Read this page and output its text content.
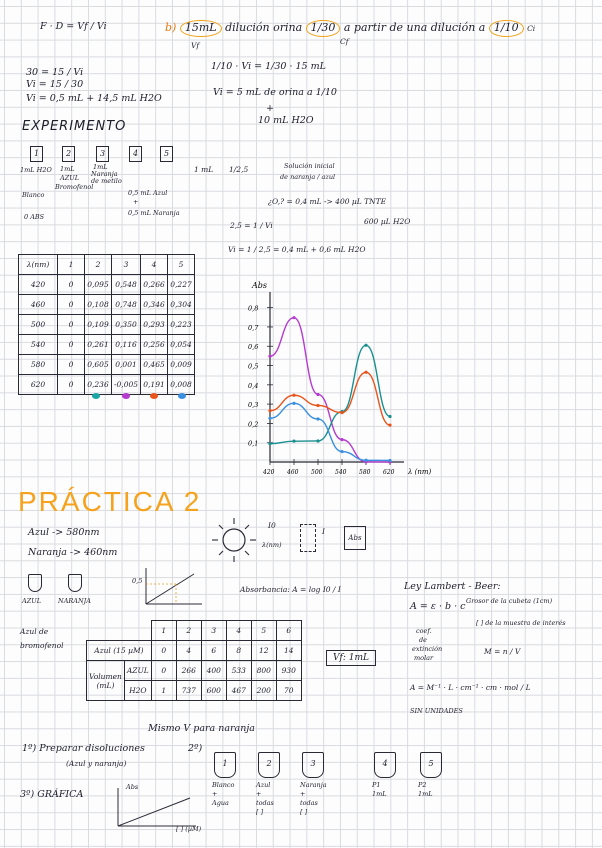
F · D = Vf / Vi
30 = 15 / Vi
Vi = 15 / 30
Vi = 0,5 mL + 14,5 mL H2O
b) 15mL dilución orina 1/30 a partir de una dilución a 1/10 Ci
Vf	Cf
1/10 · Vi = 1/30 · 15 mL
Vi = 5 mL de orina a 1/10
+
10 mL H2O
EXPERIMENTO
1	2	3	4	5
1mL H2O
Blanco
0 ABS
1mL
AZUL
Bromofenol
1mL
Naranja
de metilo
0,5 mL Azul
+
0,5 mL Naranja
1 mL 1/2,5	Solución inicial
de naranja / azul
¿O,? = 0,4 mL -> 400 µL TNTE
600 µL H2O
2,5 = 1 / Vi
Vi = 1 / 2,5 = 0,4 mL + 0,6 mL H2O
λ(nm)	1	2	3	4	5
420	0	0,095	0,548	0,266	0,227
460	0	0,108	0,748	0,346	0,304
500	0	0,109	0,350	0,293	0,223
540	0	0,261	0,116	0,256	0,054
580	0	0,605	0,001	0,465	0,009
620	0	0,236	-0,005	0,191	0,008
Abs
λ (nm)
0,8
0,7
0,6
0,5
0,4
0,3
0,2
0,1
420 460 500 540 580 620
PRÁCTICA 2
Azul -> 580nm
Naranja -> 460nm
I0
λ(nm)
I
Abs
AZUL	NARANJA
0,5
Absorbancia: A = log I0 / I	Ley Lambert - Beer:
A = ε · b · c Grosor de la cubeta (1cm)
[ ] de la muestra de interés
coef.
de
extinción
molar
M = n / V
A = M⁻¹ · L · cm⁻¹ · cm · mol / L
SIN UNIDADES
Azul de
bromofenol
		1	2	3	4	5	6
Azul (15 µM)		0	4	6	8	12	14
Volumen
(mL)	AZUL	0	266	400	533	800	930
	H2O	1	737	600	467	200	70
Vf: 1mL
Mismo V para naranja
1º) Preparar disoluciones
(Azul y naranja)
2º)
3º) GRÁFICA
Abs
[ ] (µM)
1
Blanco
+
Agua
2
Azul
+
todas
[ ]
3
Naranja
+
todas
[ ]
4
P1
1mL
5
P2
1mL
